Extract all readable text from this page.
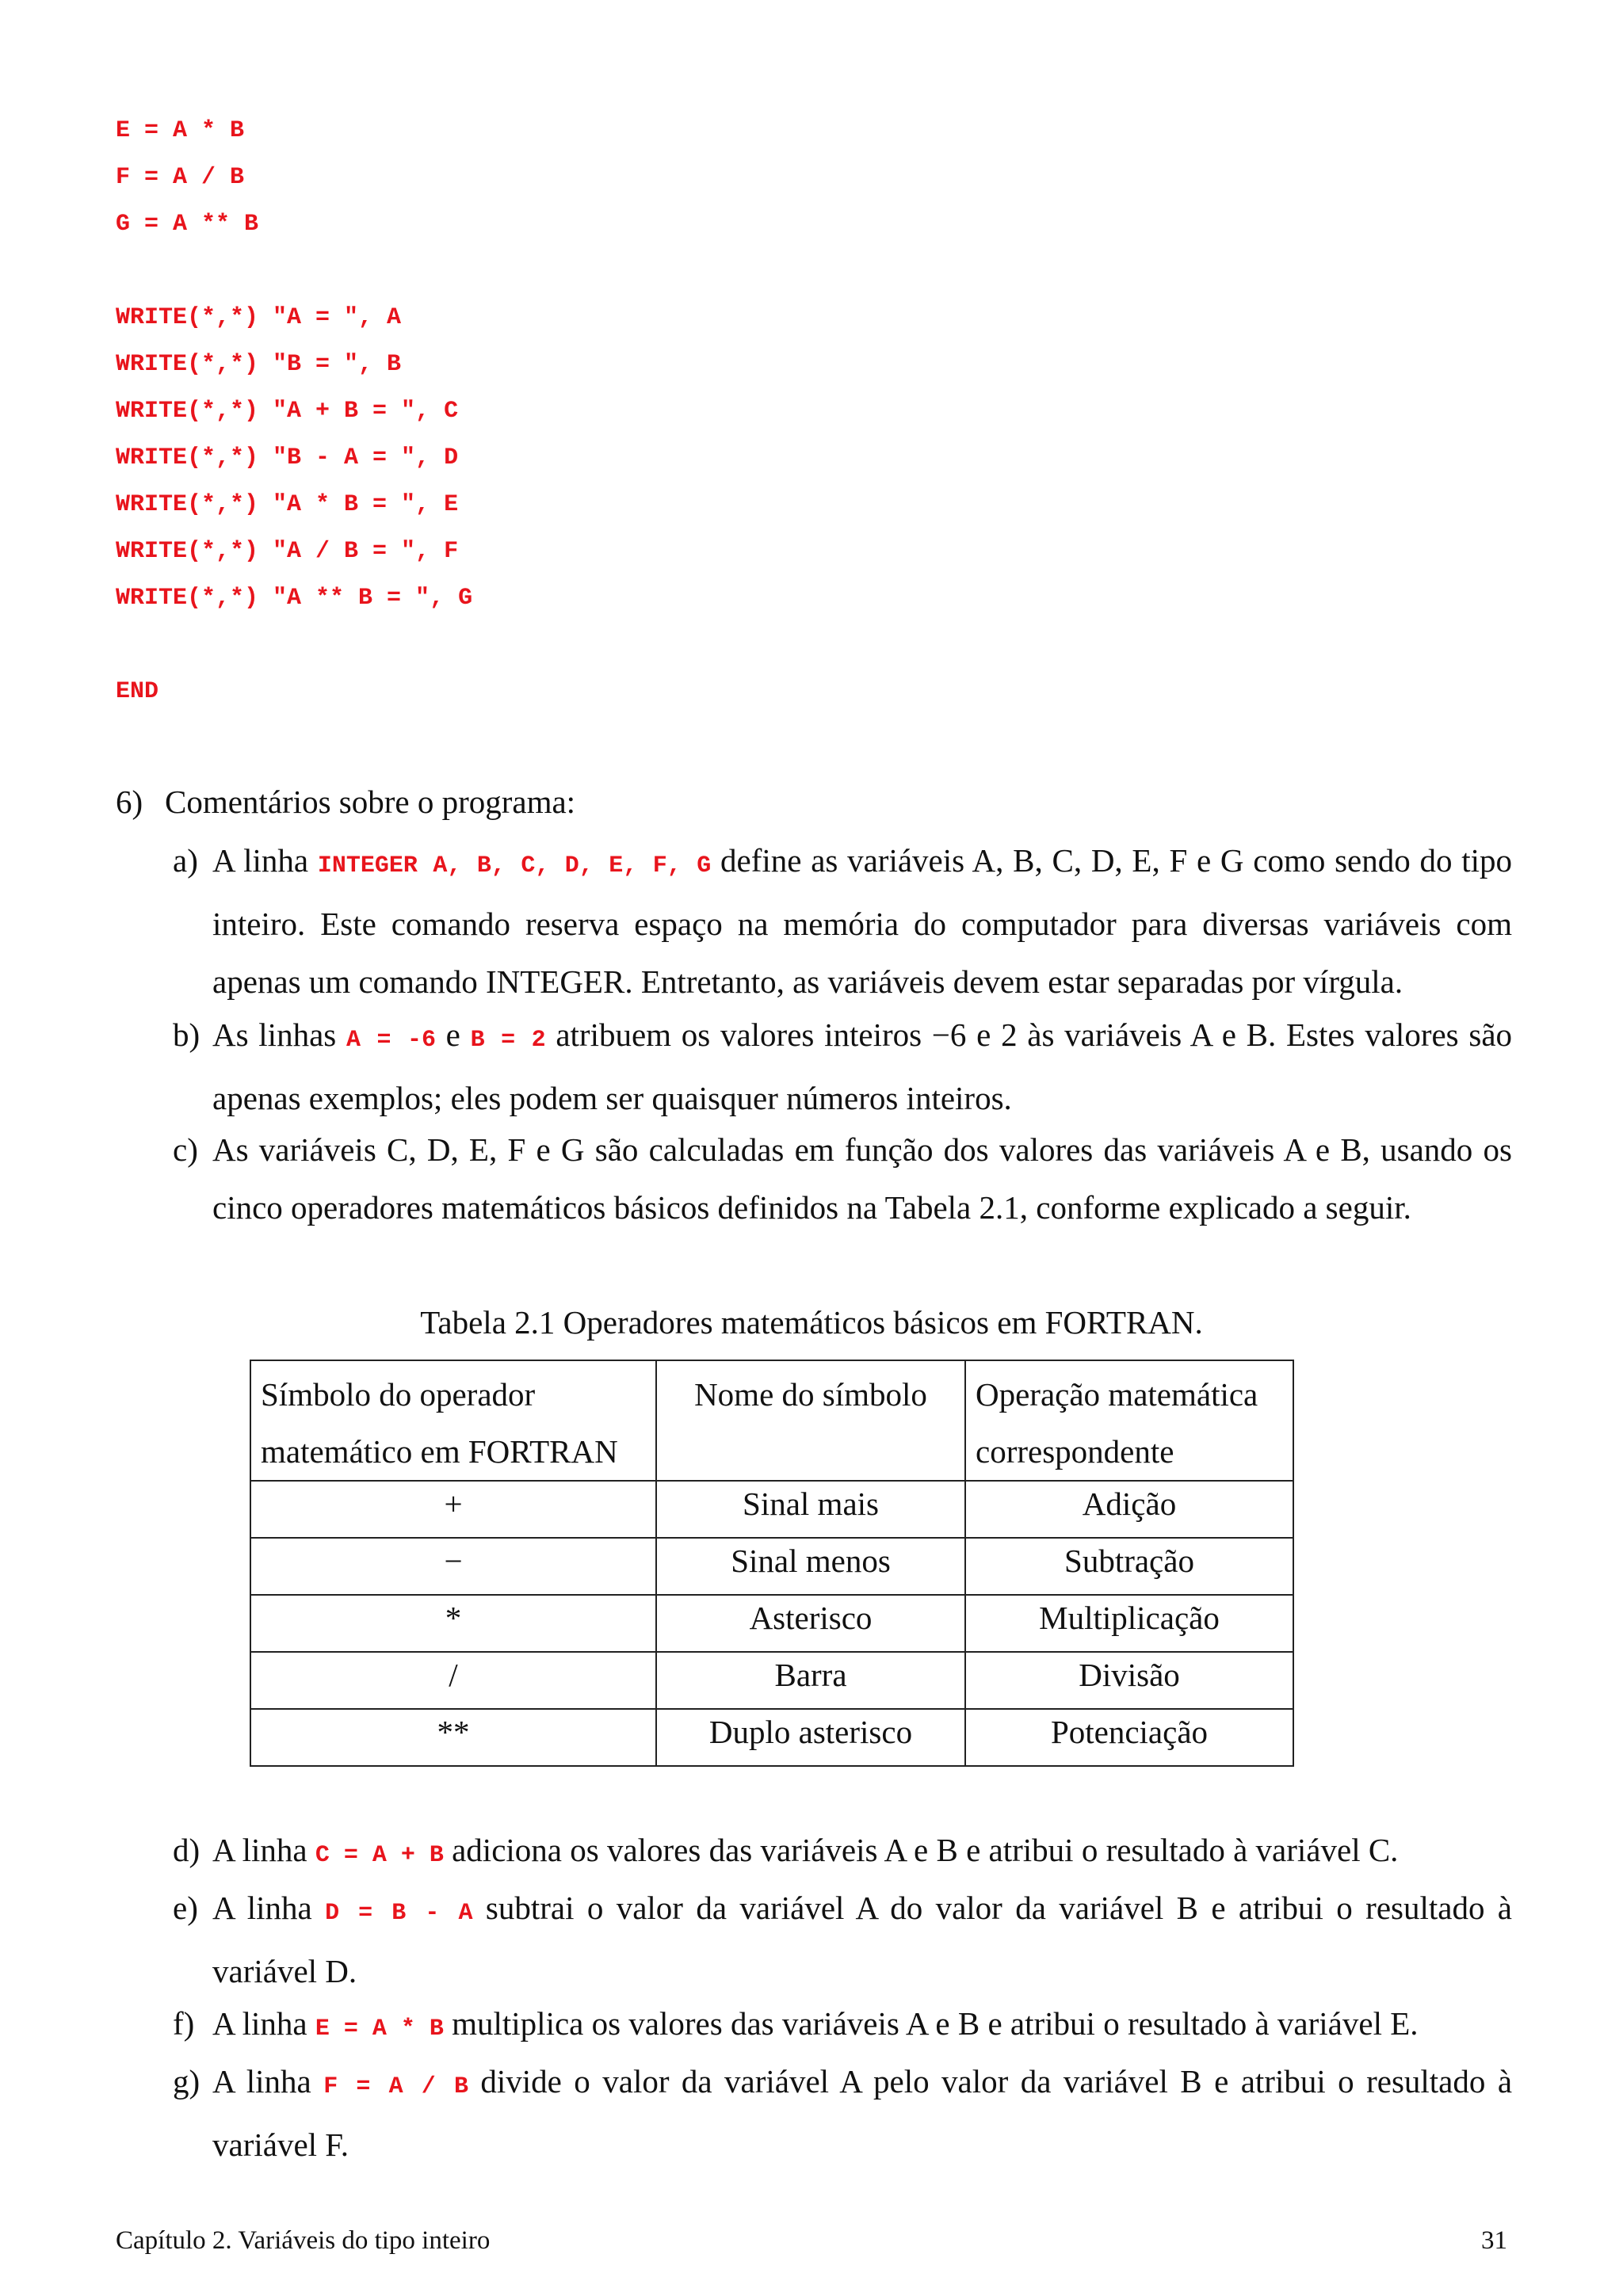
E = A * B
F = A / B
G = A ** B
WRITE(*,*) "A = ", A
WRITE(*,*) "B = ", B
WRITE(*,*) "A + B = ", C
WRITE(*,*) "B - A = ", D
WRITE(*,*) "A * B = ", E
WRITE(*,*) "A / B = ", F
WRITE(*,*) "A ** B = ", G
END
6) Comentários sobre o programa:
a) A linha INTEGER A, B, C, D, E, F, G define as variáveis A, B, C, D, E, F e G como sendo do tipo inteiro. Este comando reserva espaço na memória do computador para diversas variáveis com apenas um comando INTEGER. Entretanto, as variáveis devem estar separadas por vírgula.
b) As linhas A = -6 e B = 2 atribuem os valores inteiros −6 e 2 às variáveis A e B. Estes valores são apenas exemplos; eles podem ser quaisquer números inteiros.
c) As variáveis C, D, E, F e G são calculadas em função dos valores das variáveis A e B, usando os cinco operadores matemáticos básicos definidos na Tabela 2.1, conforme explicado a seguir.
Tabela 2.1 Operadores matemáticos básicos em FORTRAN.
Símbolo do operador matemático em FORTRAN	Nome do símbolo	Operação matemática correspondente
+	Sinal mais	Adição
−	Sinal menos	Subtração
*	Asterisco	Multiplicação
/	Barra	Divisão
**	Duplo asterisco	Potenciação
d) A linha C = A + B adiciona os valores das variáveis A e B e atribui o resultado à variável C.
e) A linha D = B - A subtrai o valor da variável A do valor da variável B e atribui o resultado à variável D.
f) A linha E = A * B multiplica os valores das variáveis A e B e atribui o resultado à variável E.
g) A linha F = A / B divide o valor da variável A pelo valor da variável B e atribui o resultado à variável F.
Capítulo 2. Variáveis do tipo inteiro	31
